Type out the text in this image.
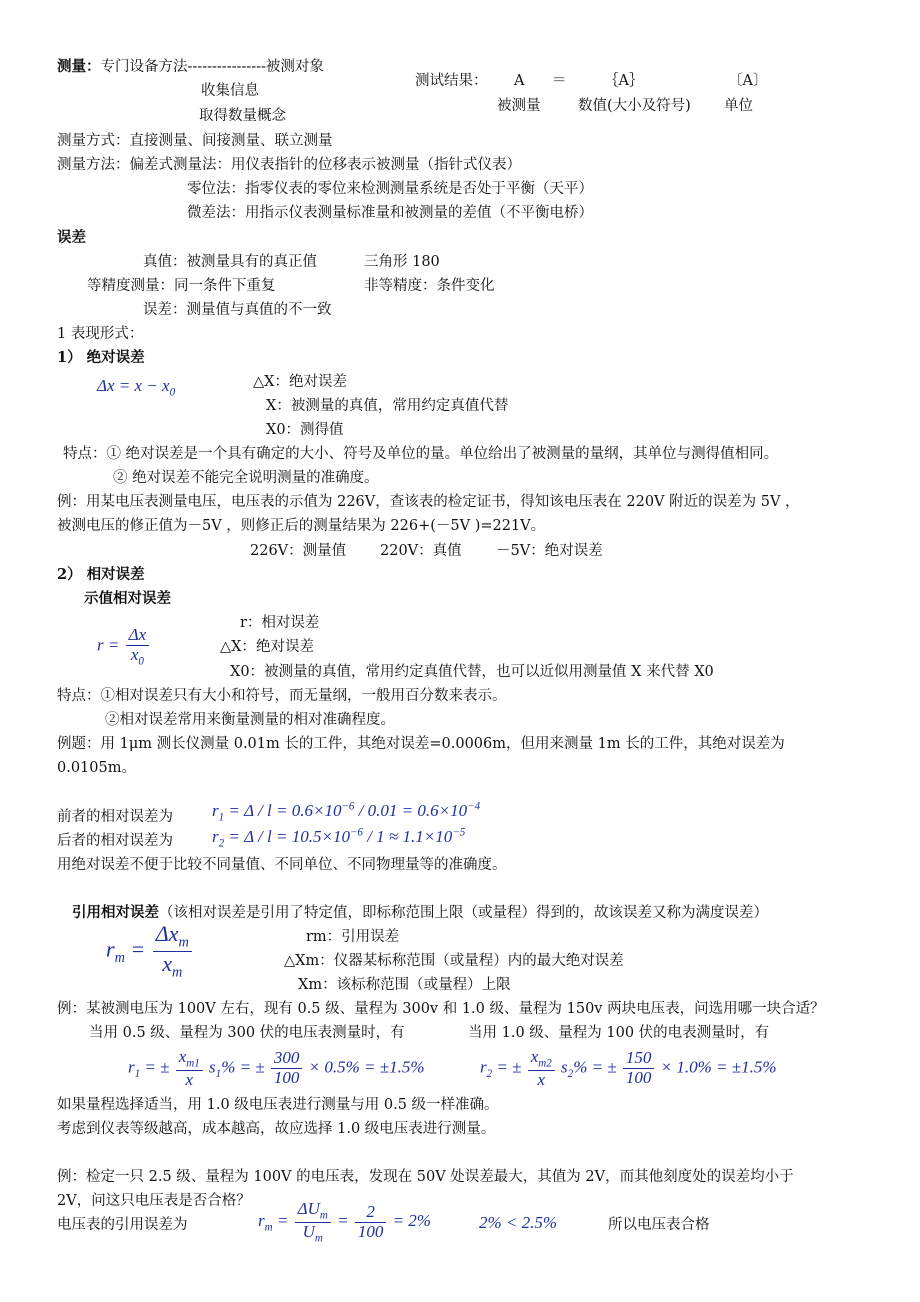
测量：专门设备方法----------------被测对象
收集信息
取得数量概念
测试结果： A ＝	｛A｝	〔A〕
被测量	数值(大小及符号) 单位
测量方式：直接测量、间接测量、联立测量
测量方法：偏差式测量法：用仪表指针的位移表示被测量（指针式仪表）
零位法：指零仪表的零位来检测测量系统是否处于平衡（天平）
微差法：用指示仪表测量标准量和被测量的差值（不平衡电桥）
误差
真值：被测量具有的真正值	三角形 180
等精度测量：同一条件下重复	非等精度：条件变化
误差：测量值与真值的不一致
1 表现形式：
1） 绝对误差
$\Delta x = x - x_0$
△X：绝对误差
X：被测量的真值，常用约定真值代替
X0：测得值
特点：① 绝对误差是一个具有确定的大小、符号及单位的量。单位给出了被测量的量纲，其单位与测得值相同。
② 绝对误差不能完全说明测量的准确度。
例：用某电压表测量电压，电压表的示值为 226V，查该表的检定证书，得知该电压表在 220V 附近的误差为 5V ，
被测电压的修正值为－5V ，则修正后的测量结果为 226+(－5V )=221V。
226V：测量值 220V：真值 －5V：绝对误差
2） 相对误差
示值相对误差
$r = \frac{\Delta x}{x_0}$
r：相对误差
△X：绝对误差
X0：被测量的真值，常用约定真值代替，也可以近似用测量值 X 来代替 X0
特点：①相对误差只有大小和符号，而无量纲，一般用百分数来表示。
②相对误差常用来衡量测量的相对准确程度。
例题：用 1μm 测长仪测量 0.01m 长的工件，其绝对误差=0.0006m，但用来测量 1m 长的工件，其绝对误差为
0.0105m。
前者的相对误差为 $r_1 = \Delta / l = 0.6\times 10^{-6} / 0.01 = 0.6\times 10^{-4}$
后者的相对误差为 $r_2 = \Delta / l = 10.5\times 10^{-6} / 1 \approx 1.1\times 10^{-5}$
用绝对误差不便于比较不同量值、不同单位、不同物理量等的准确度。
引用相对误差（该相对误差是引用了特定值，即标称范围上限（或量程）得到的，故该误差又称为满度误差）
$r_m = \frac{\Delta x_m}{x_m}$	rm：引用误差
△Xm：仪器某标称范围（或量程）内的最大绝对误差
Xm：该标称范围（或量程）上限
例：某被测电压为 100V 左右，现有 0.5 级、量程为 300v 和 1.0 级、量程为 150v 两块电压表，问选用哪一块合适？
当用 0.5 级、量程为 300 伏的电压表测量时，有	当用 1.0 级、量程为 100 伏的电表测量时，有
$r_1$ = ± $\frac{x_{m1}}{x} s_1\%$ = ± $\frac{300}{100} \times 0.5\% = \pm 1.5\%$	$r_2$ = ± $\frac{x_{m2}}{x} s_2\%$ = ± $\frac{150}{100} \times 1.0\% = \pm 1.5\%$
如果量程选择适当，用 1.0 级电压表进行测量与用 0.5 级一样准确。
考虑到仪表等级越高，成本越高，故应选择 1.0 级电压表进行测量。
例：检定一只 2.5 级、量程为 100V 的电压表，发现在 50V 处误差最大，其值为 2V，而其他刻度处的误差均小于
2V，问这只电压表是否合格？
电压表的引用误差为	$r_m = \frac{\Delta U_m}{U_m} = \frac{2}{100} = 2\%$	2% < 2.5%	所以电压表合格
